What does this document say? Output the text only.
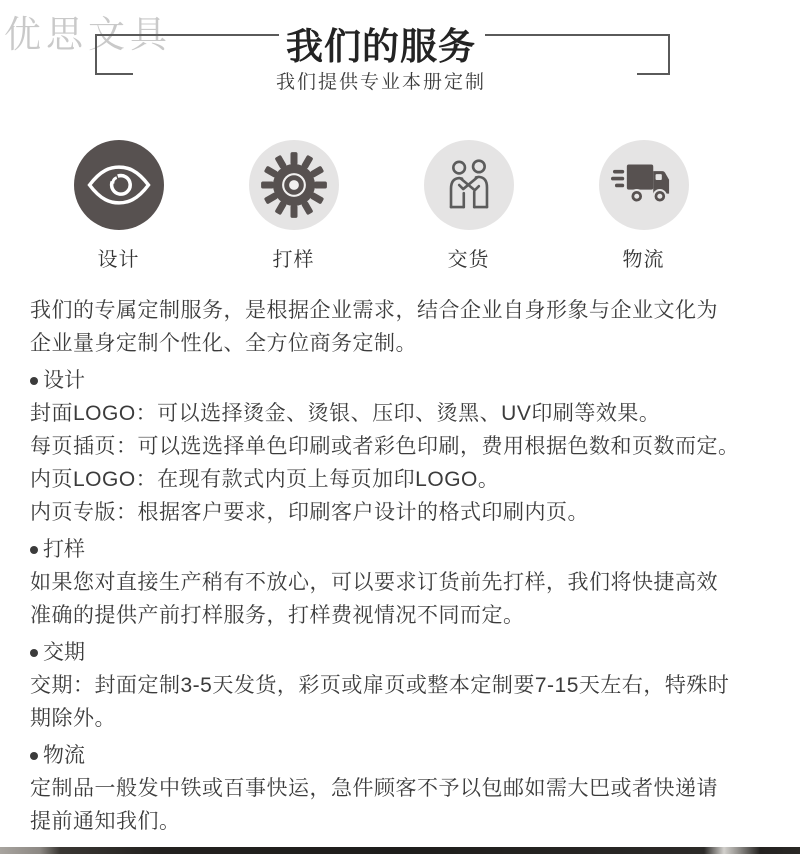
优思文具	我们的服务
我们提供专业本册定制
设计	打样	交货	物流

我们的专属定制服务，是根据企业需求，结合企业自身形象与企业文化为

企业量身定制个性化、全方位商务定制。

设计

封面LOGO：可以选择烫金、烫银、压印、烫黑、UV印刷等效果。

每页插页：可以选选择单色印刷或者彩色印刷，费用根据色数和页数而定。

内页LOGO：在现有款式内页上每页加印LOGO。

内页专版：根据客户要求，印刷客户设计的格式印刷内页。

打样

如果您对直接生产稍有不放心，可以要求订货前先打样，我们将快捷高效

准确的提供产前打样服务，打样费视情况不同而定。

交期

交期：封面定制3-5天发货，彩页或扉页或整本定制要7-15天左右，特殊时

期除外。

物流

定制品一般发中铁或百事快运，急件顾客不予以包邮如需大巴或者快递请

提前通知我们。
